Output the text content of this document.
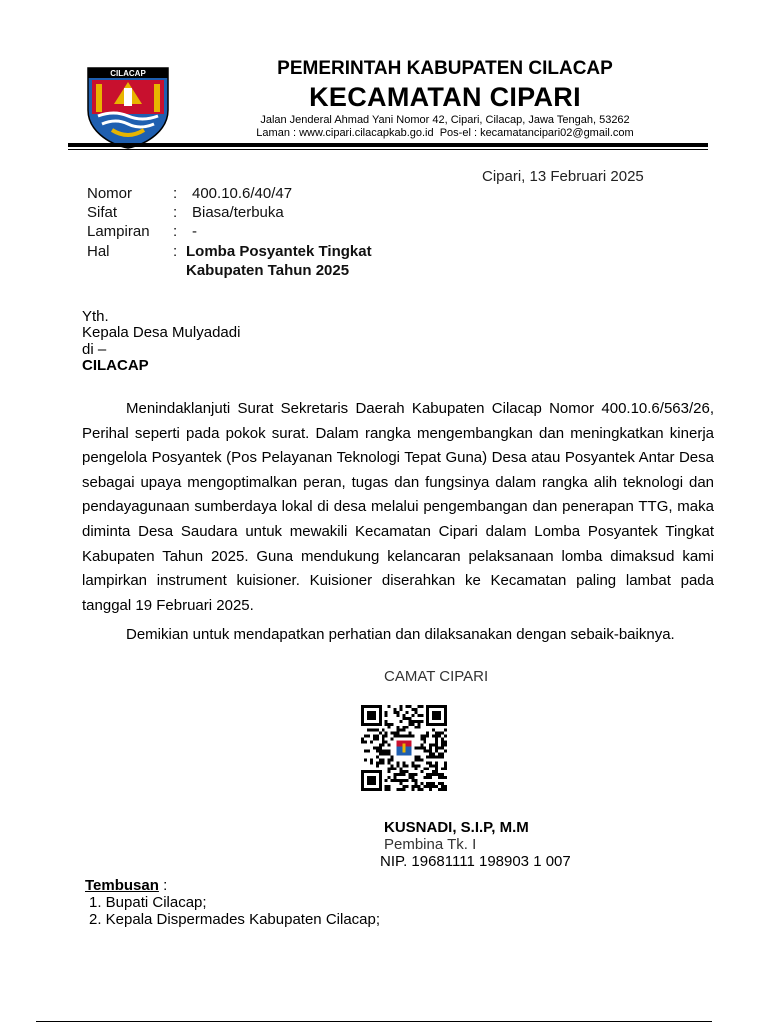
CILACAP	PEMERINTAH KABUPATEN CILACAP
KECAMATAN CIPARI
Jalan Jenderal Ahmad Yani Nomor 42, Cipari, Cilacap, Jawa Tengah, 53262
Laman : www.cipari.cilacapkab.go.id  Pos-el : kecamatancipari02@gmail.com
Cipari, 13 Februari 2025
Nomor	: 400.10.6/40/47
Sifat	: Biasa/terbuka
Lampiran : -
Hal	: Lomba Posyantek Tingkat
Kabupaten Tahun 2025
Yth.
Kepala Desa Mulyadadi
di –
CILACAP

Menindaklanjuti Surat Sekretaris Daerah Kabupaten Cilacap Nomor 400.10.6/563/26, Perihal seperti pada pokok surat. Dalam rangka mengembangkan dan meningkatkan kinerja pengelola Posyantek (Pos Pelayanan Teknologi Tepat Guna) Desa atau Posyantek Antar Desa sebagai upaya mengoptimalkan peran, tugas dan fungsinya dalam rangka alih teknologi dan pendayagunaan sumberdaya lokal di desa melalui pengembangan dan penerapan TTG, maka diminta Desa Saudara untuk mewakili Kecamatan Cipari dalam Lomba Posyantek Tingkat Kabupaten Tahun 2025. Guna mendukung kelancaran pelaksanaan lomba dimaksud kami lampirkan instrument kuisioner. Kuisioner diserahkan ke Kecamatan paling lambat pada tanggal 19 Februari 2025.

Demikian untuk mendapatkan perhatian dan dilaksanakan dengan sebaik-baiknya.
CAMAT CIPARI
KUSNADI, S.I.P, M.M
Pembina Tk. I
NIP. 19681111 198903 1 007
Tembusan :
1. Bupati Cilacap;
2. Kepala Dispermades Kabupaten Cilacap;
